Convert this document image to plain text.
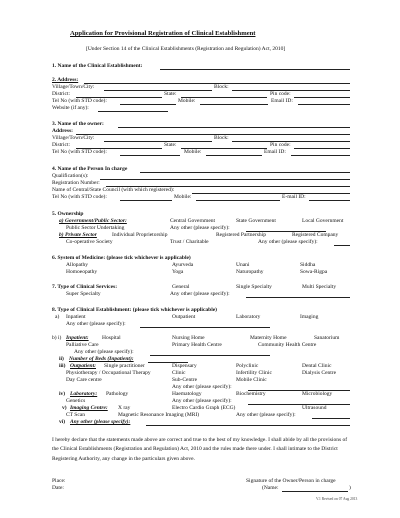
Application for Provisional Registration of Clinical Establishment
[Under Section 14 of the Clinical Establishments (Registration and Regulation) Act, 2010]
1. Name of the Clinical Establishment:
2. Address:
Village/Town/City:	Block:
District:	State:	Pin code:
Tel No (with STD code):	Mobile:	Email ID:
Website (if any):
3. Name of the owner:
Address:
Village/Town/City:	Block:
District:	State:	Pin code:
Tel No (with STD code):	Mobile:	Email ID:
4. Name of the Person In charge
Qualification(s):
Registration Number:
Name of Central/State Council (with which registered):
Tel No (with STD code):	Mobile:	E-mail ID:
5. Ownership
a) Government/Public Sector:	Central Government	State Government	Local Government
Public Sector Undertaking	Any other (please specify):
b) Private Sector	Individual Proprietorship	Registered Partnership	Registered Company
Co-operative Society	Trust / Charitable	Any other (please specify):
6. System of Medicine: (please tick whichever is applicable)
Allopathy	Ayurveda	Unani	Siddha
Homoeopathy	Yoga	Naturopathy	Sowa-Rigpa
7. Type of Clinical Services:	General	Single Specialty	Multi Specialty
Super Specialty	Any other (please specify):
8. Type of Clinical Establishment: (please tick whichever is applicable)
a) Inpatient	Outpatient	Laboratory	Imaging
Any other (please specify):
b) i) Inpatient: Hospital	Nursing Home	Maternity Home	Sanatorium
Palliative Care	Primary Health Centre	Community Health Centre
Any other (please specify):
ii) Number of Beds (Inpatient):
iii) Outpatient: Single practitioner	Dispensary	Polyclinic	Dental Clinic
Physiotherapy / Occupational Therapy	Clinic	Infertility Clinic	Dialysis Centre
Day Care centre	Sub-Centre	Mobile Clinic
Any other (please specify):
iv) Laboratory: Pathology	Haematology	Biochemistry	Microbiology
Genetics	Any other (please specify):
v) Imaging Centre: X ray	Electro Cardio Graph (ECG)	Ultrasound
CT Scan	Magnetic Resonance Imaging (MRI)	Any other (please specify):
vi) Any other (please specify):
I hereby declare that the statements made above are correct and true to the best of my knowledge. I shall abide by all the provisions of the Clinical Establishments (Registration and Regulation) Act, 2010 and the rules made there under. I shall intimate to the District Registering Authority, any change in the particulars given above.
Place:
Date:
Signature of the Owner/Person in charge
(Name:	)
V.1 Revised on 07 Aug 2013
